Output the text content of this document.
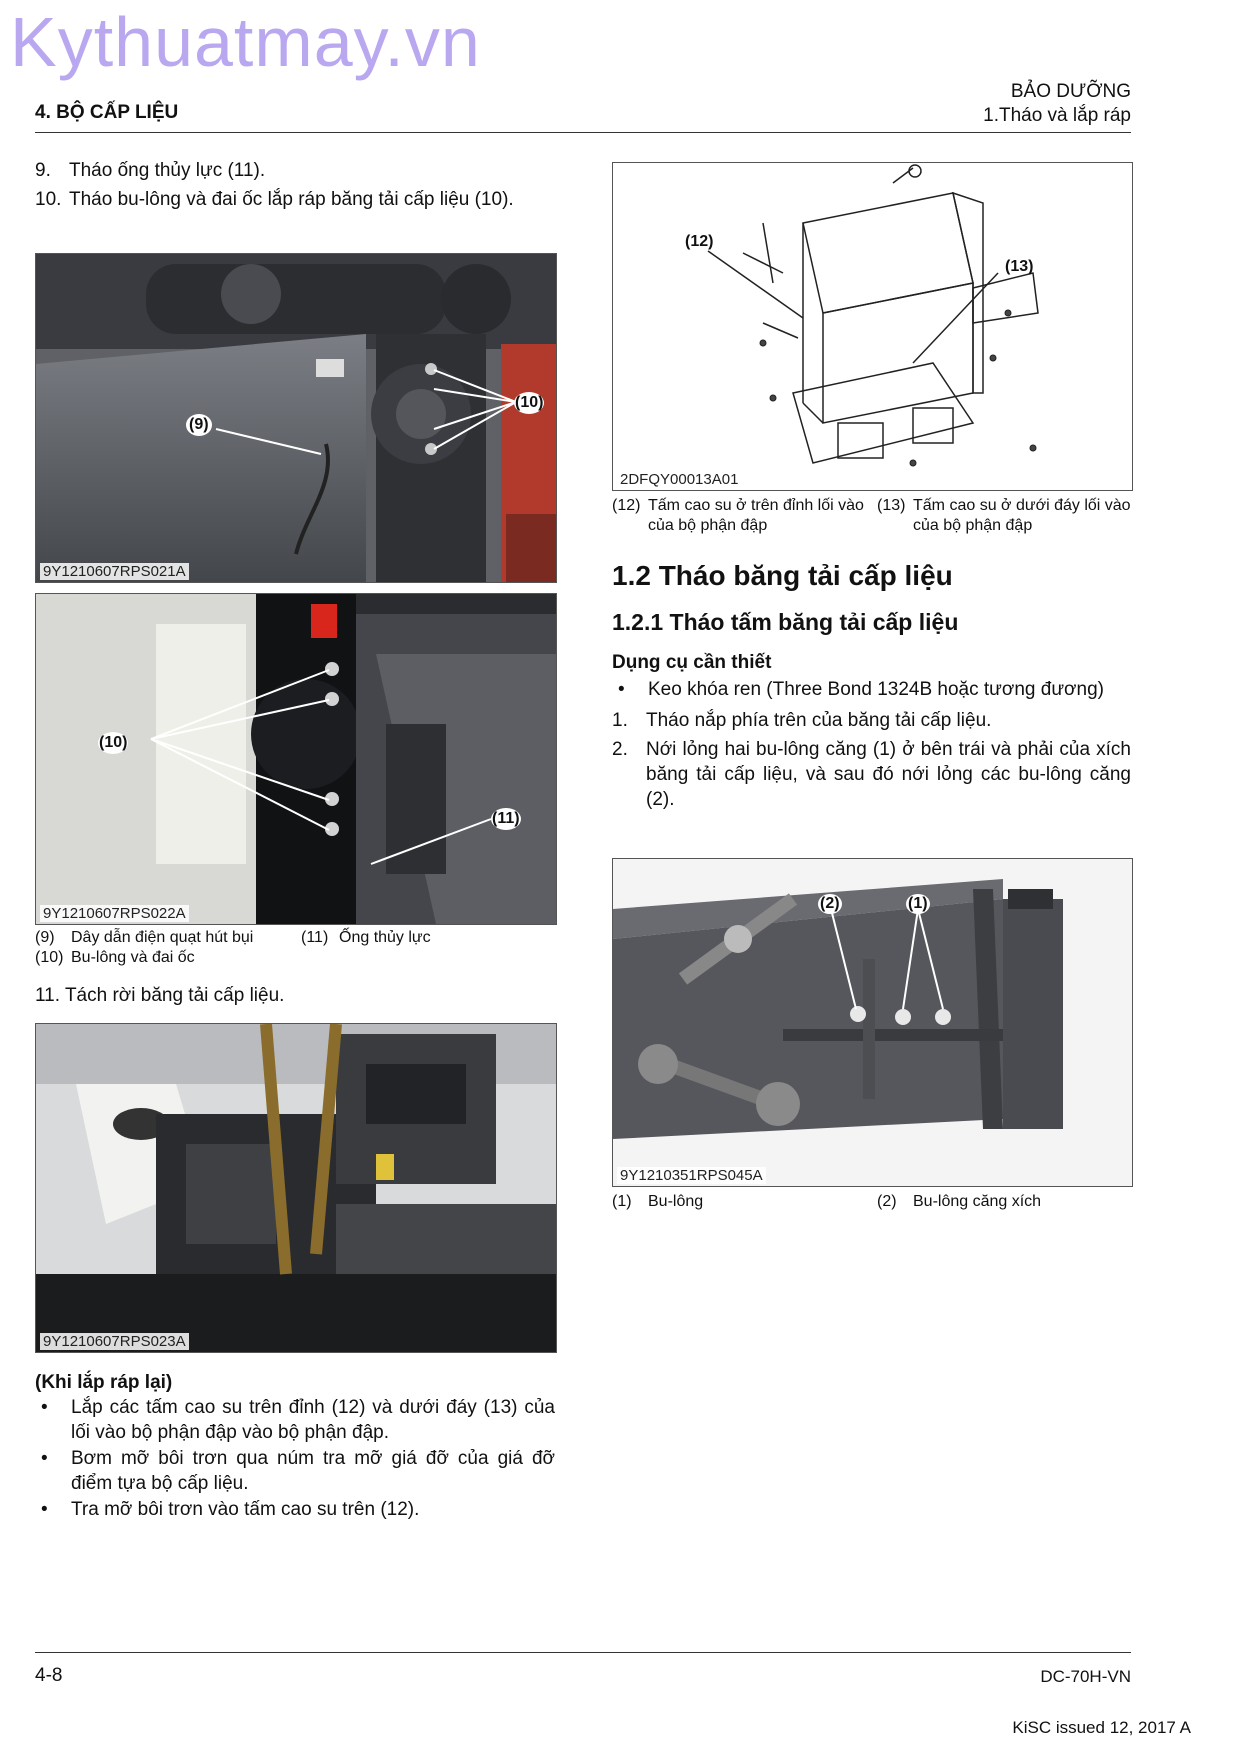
Kythuatmay.vn
4. BỘ CẤP LIỆU
BẢO DƯỠNG
1.Tháo và lắp ráp
9. Tháo ống thủy lực (11).
10. Tháo bu-lông và đai ốc lắp ráp băng tải cấp liệu (10).
(9)
(10)
9Y1210607RPS021A
(10)
(11)
9Y1210607RPS022A
(9) Dây dẫn điện quạt hút bụi	(11) Ống thủy lực
(10) Bu-lông và đai ốc
11. Tách rời băng tải cấp liệu.
9Y1210607RPS023A
(Khi lắp ráp lại)
• Lắp các tấm cao su trên đỉnh (12) và dưới đáy (13) của lối vào bộ phận đập vào bộ phận đập.
• Bơm mỡ bôi trơn qua núm tra mỡ giá đỡ của giá đỡ điểm tựa bộ cấp liệu.
• Tra mỡ bôi trơn vào tấm cao su trên (12).
(12)
(13)
2DFQY00013A01
(12) Tấm cao su ở trên đỉnh lối vào của bộ phận đập
(13) Tấm cao su ở dưới đáy lối vào của bộ phận đập
1.2 Tháo băng tải cấp liệu
1.2.1 Tháo tấm băng tải cấp liệu
Dụng cụ cần thiết
• Keo khóa ren (Three Bond 1324B hoặc tương đương)
1. Tháo nắp phía trên của băng tải cấp liệu.
2. Nới lỏng hai bu-lông căng (1) ở bên trái và phải của xích băng tải cấp liệu, và sau đó nới lỏng các bu-lông căng (2).
(2)	(1)
9Y1210351RPS045A
(1) Bu-lông	(2) Bu-lông căng xích
4-8	DC-70H-VN
KiSC issued 12, 2017 A
